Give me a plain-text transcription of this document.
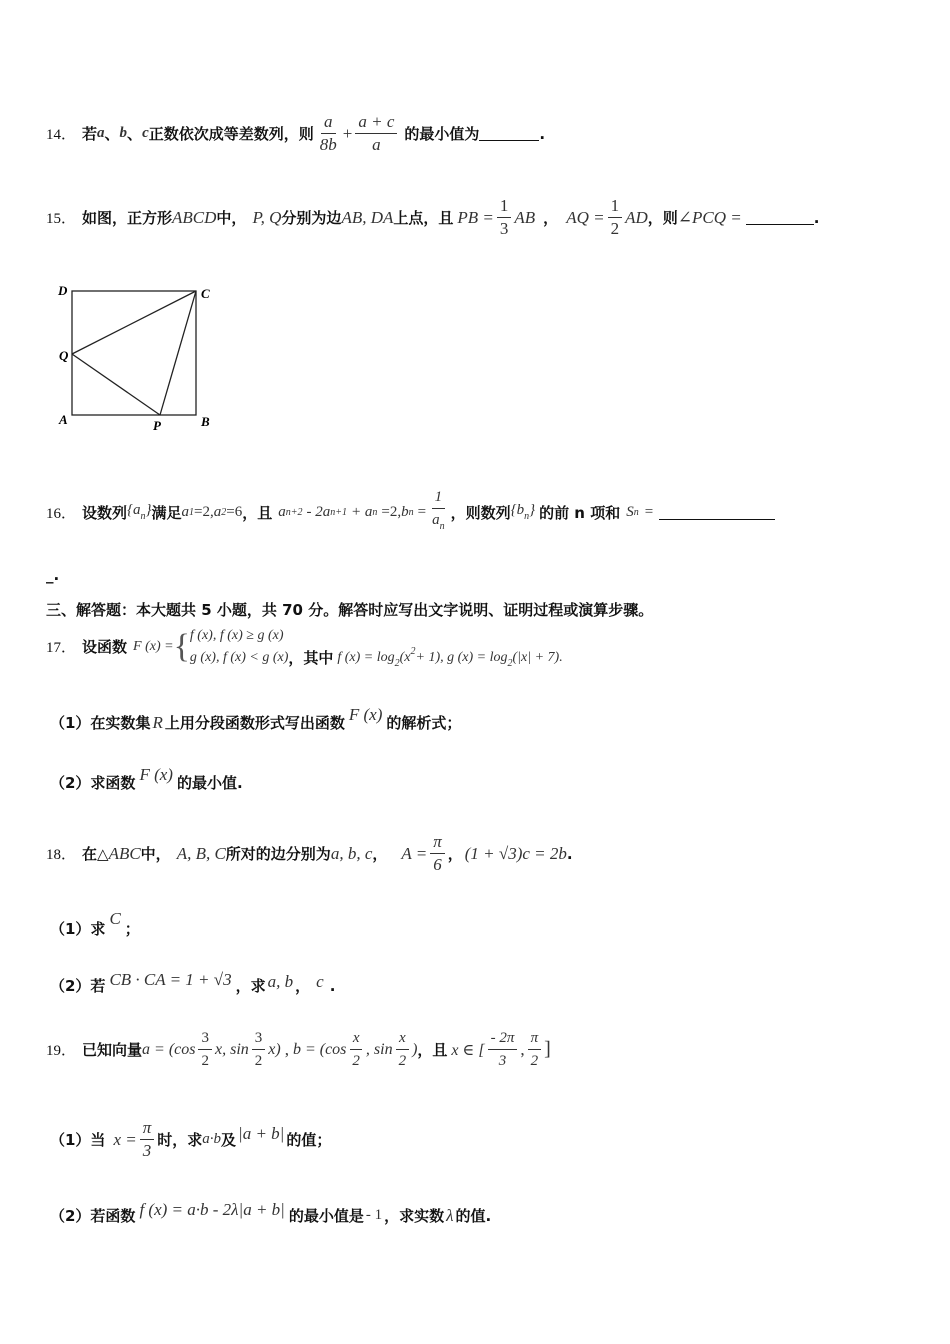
14． 若 a 、 b 、 c 正数依次成等差数列，则 $\frac{a}{8b} + \frac{a + c}{a}$ 的最小值为	.
15． 如图，正方形 ABCD 中， P, Q 分别为边 AB, DA 上点，且 PB = $\frac{1}{3}$ AB ， AQ = $\frac{1}{2}$ AD ，则 ∠PCQ =	.
D	C
Q
A	P	B
16． 设数列 $\{a_n\}$ 满足 a 1 =2, a 2 =6 ，且 a n+2 - 2a n+1 + a n =2, b $n = \frac{1}{a_n}$ ，则数列 $\{b_n\}$ 的前 n 项和 S n =
_.
三、解答题：本大题共 5 小题，共 70 分。解答时应写出文字说明、证明过程或演算步骤。
17． 设函数 F (x) = { f (x), f (x) ≥ g (x)
g (x), f (x) < g (x) ，其中 f $(x) = \log_2(x^2+ 1)$, g $(x) = \log_2(|x| + 7)$.
（1）在实数集 R 上用分段函数形式写出函数 F (x) 的解析式；
（2）求函数 F (x) 的最小值.
18． 在△ ABC 中， A, B, C 所对的边分别为 a, b, c ， $A = \frac{\pi}{6}$ ， (1 + √3)c = 2b .
（1）求
C
；
（2）若 CB · CA = 1 + √3 ，求 a, b ， c .
19． 已知向量 $a = (\cos \frac{3}{2} x$, $\sin \frac{3}{2} x$) , $b = (\cos \frac{x}{2}$ , $\sin \frac{x}{2}$ ) ，且 x ∈ [ $\frac{- 2\pi}{3}$ , $\frac{\pi}{2}$ ]
（1）当 $x = \frac{\pi}{3}$ 时，求 a·b 及 |a + b| 的值；
（2）若函数 f (x) = a·b - 2λ|a + b| 的最小值是 - 1 ，求实数 λ 的值.
